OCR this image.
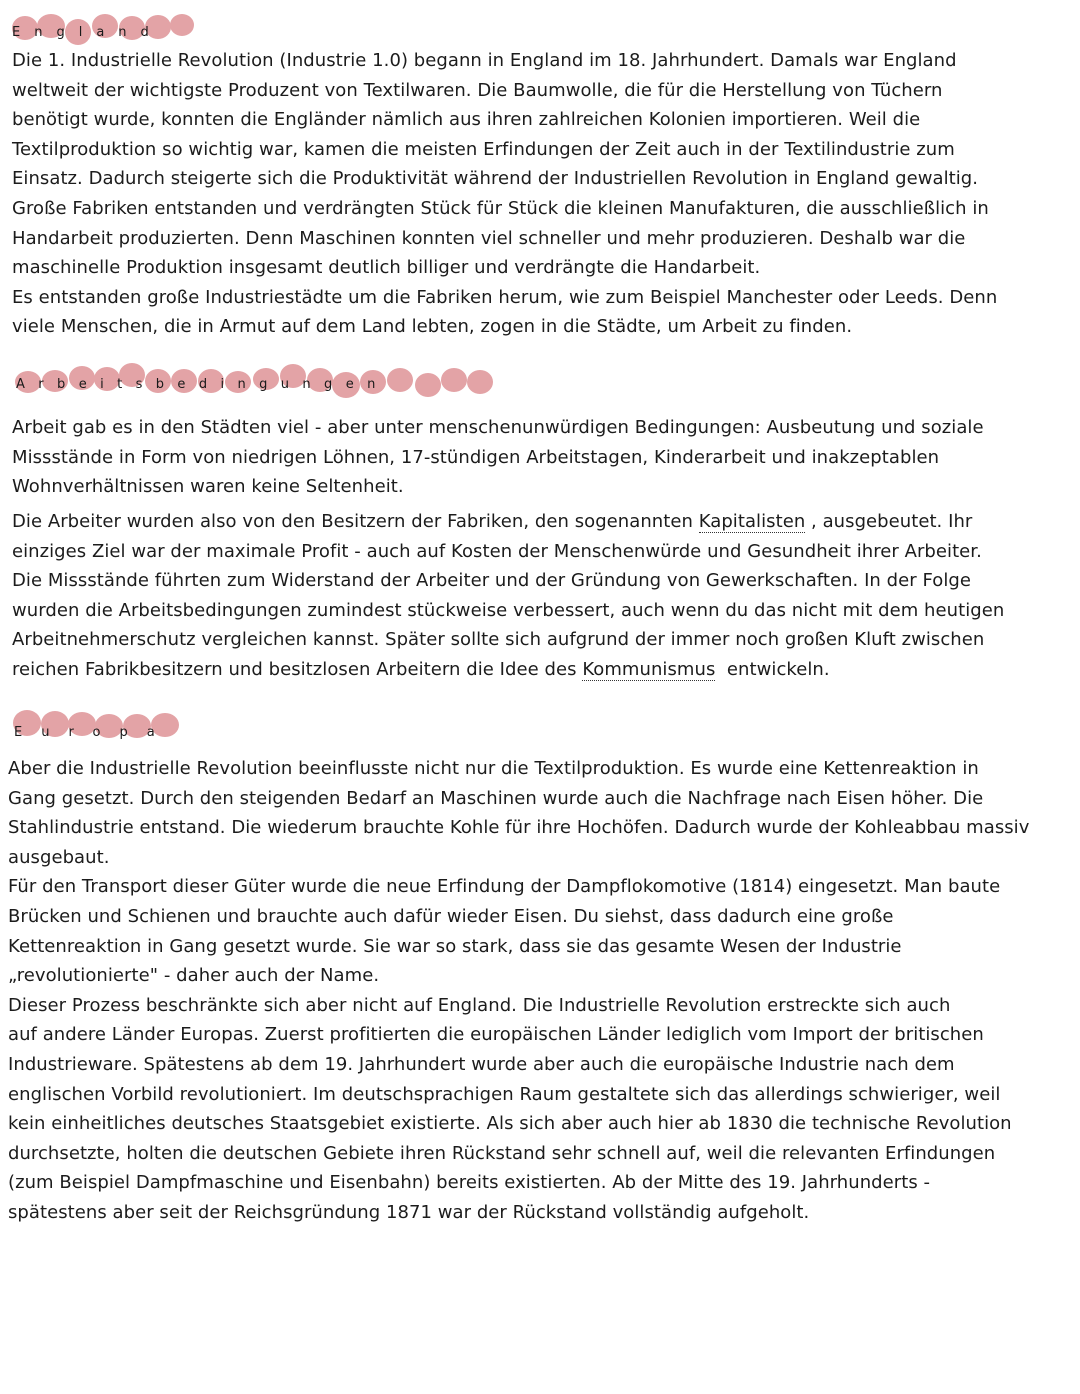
England

Die 1. Industrielle Revolution (Industrie 1.0) begann in England im 18. Jahrhundert. Damals war England
weltweit der wichtigste Produzent von Textilwaren. Die Baumwolle, die für die Herstellung von Tüchern
benötigt wurde, konnten die Engländer nämlich aus ihren zahlreichen Kolonien importieren. Weil die
Textilproduktion so wichtig war, kamen die meisten Erfindungen der Zeit auch in der Textilindustrie zum
Einsatz. Dadurch steigerte sich die Produktivität während der Industriellen Revolution in England gewaltig.
Große Fabriken entstanden und verdrängten Stück für Stück die kleinen Manufakturen, die ausschließlich in
Handarbeit produzierten. Denn Maschinen konnten viel schneller und mehr produzieren. Deshalb war die
maschinelle Produktion insgesamt deutlich billiger und verdrängte die Handarbeit.
Es entstanden große Industriestädte um die Fabriken herum, wie zum Beispiel Manchester oder Leeds. Denn
viele Menschen, die in Armut auf dem Land lebten, zogen in die Städte, um Arbeit zu finden.

Arbeitsbedingungen

Arbeit gab es in den Städten viel - aber unter menschenunwürdigen Bedingungen: Ausbeutung und soziale
Missstände in Form von niedrigen Löhnen, 17-stündigen Arbeitstagen, Kinderarbeit und inakzeptablen
Wohnverhältnissen waren keine Seltenheit.

Die Arbeiter wurden also von den Besitzern der Fabriken, den sogenannten Kapitalisten , ausgebeutet. Ihr
einziges Ziel war der maximale Profit - auch auf Kosten der Menschenwürde und Gesundheit ihrer Arbeiter.
Die Missstände führten zum Widerstand der Arbeiter und der Gründung von Gewerkschaften. In der Folge
wurden die Arbeitsbedingungen zumindest stückweise verbessert, auch wenn du das nicht mit dem heutigen
Arbeitnehmerschutz vergleichen kannst. Später sollte sich aufgrund der immer noch großen Kluft zwischen
reichen Fabrikbesitzern und besitzlosen Arbeitern die Idee des Kommunismus  entwickeln.

Europa

Aber die Industrielle Revolution beeinflusste nicht nur die Textilproduktion. Es wurde eine Kettenreaktion in
Gang gesetzt. Durch den steigenden Bedarf an Maschinen wurde auch die Nachfrage nach Eisen höher. Die
Stahlindustrie entstand. Die wiederum brauchte Kohle für ihre Hochöfen. Dadurch wurde der Kohleabbau massiv
ausgebaut.
Für den Transport dieser Güter wurde die neue Erfindung der Dampflokomotive (1814) eingesetzt. Man baute
Brücken und Schienen und brauchte auch dafür wieder Eisen. Du siehst, dass dadurch eine große
Kettenreaktion in Gang gesetzt wurde. Sie war so stark, dass sie das gesamte Wesen der Industrie
„revolutionierte" - daher auch der Name.
Dieser Prozess beschränkte sich aber nicht auf England. Die Industrielle Revolution erstreckte sich auch
auf andere Länder Europas. Zuerst profitierten die europäischen Länder lediglich vom Import der britischen
Industrieware. Spätestens ab dem 19. Jahrhundert wurde aber auch die europäische Industrie nach dem
englischen Vorbild revolutioniert. Im deutschsprachigen Raum gestaltete sich das allerdings schwieriger, weil
kein einheitliches deutsches Staatsgebiet existierte. Als sich aber auch hier ab 1830 die technische Revolution
durchsetzte, holten die deutschen Gebiete ihren Rückstand sehr schnell auf, weil die relevanten Erfindungen
(zum Beispiel Dampfmaschine und Eisenbahn) bereits existierten. Ab der Mitte des 19. Jahrhunderts -
spätestens aber seit der Reichsgründung 1871 war der Rückstand vollständig aufgeholt.
